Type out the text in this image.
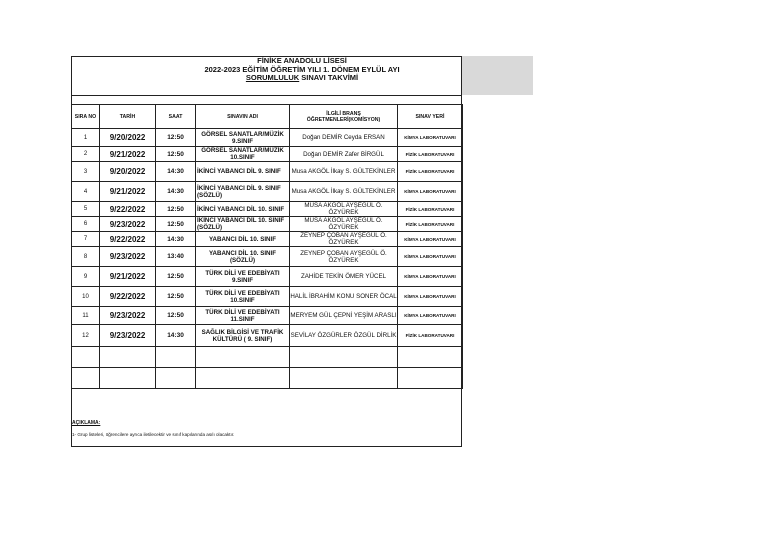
FİNİKE ANADOLU LİSESİ
2022-2023 EĞİTİM ÖĞRETİM YILI 1. DÖNEM EYLÜL AYI
SORUMLULUK SINAVI TAKVİMİ
SIRA NO	TARİH	SAAT	SINAVIN ADI	İLGİLİ BRANŞ ÖĞRETMENLERİ(KOMİSYON)	SINAV YERİ
1	9/20/2022	12:50	GÖRSEL SANATLAR/MÜZİK 9.SINIF	Doğan DEMİR Ceyda ERSAN	KİMYA LABORATUVARI
2	9/21/2022	12:50	GÖRSEL SANATLAR/MÜZİK 10.SINIF	Doğan DEMİR Zafer BİRGÜL	FİZİK LABORATUVARI
3	9/20/2022	14:30	İKİNCİ YABANCI DİL 9. SINIF	Musa AKGÖL İlkay S. GÜLTEKİNLER	FİZİK LABORATUVARI
4	9/21/2022	14:30	İKİNCİ YABANCI DİL 9. SINIF (SÖZLÜ)	Musa AKGÖL İlkay S. GÜLTEKİNLER	KİMYA LABORATUVARI
5	9/22/2022	12:50	İKİNCİ YABANCI DİL 10. SINIF	MUSA AKGÖL AYŞEGÜL Ö. ÖZYÜREK	FİZİK LABORATUVARI
6	9/23/2022	12:50	İKİNCİ YABANCI DİL 10. SINIF (SÖZLÜ)	MUSA AKGÖL AYŞEGÜL Ö. ÖZYÜREK	FİZİK LABORATUVARI
7	9/22/2022	14:30	YABANCI DİL 10. SINIF	ZEYNEP ÇOBAN AYŞEGÜL Ö. ÖZYÜREK	KİMYA LABORATUVARI
8	9/23/2022	13:40	YABANCI DİL 10. SINIF (SÖZLÜ)	ZEYNEP ÇOBAN AYŞEGÜL Ö. ÖZYÜREK	KİMYA LABORATUVARI
9	9/21/2022	12:50	TÜRK DİLİ VE EDEBİYATI 9.SINIF	ZAHİDE TEKİN ÖMER YÜCEL	KİMYA LABORATUVARI
10	9/22/2022	12:50	TÜRK DİLİ VE EDEBİYATI 10.SINIF	HALİL İBRAHİM KONU SONER ÖCAL	KİMYA LABORATUVARI
11	9/23/2022	12:50	TÜRK DİLİ VE EDEBİYATI 11.SINIF	MERYEM GÜL ÇEPNİ YEŞİM ARASLI	KİMYA LABORATUVARI
12	9/23/2022	14:30	SAĞLIK BİLGİSİ VE TRAFİK KÜLTÜRÜ ( 9. SINIF)	SEVİLAY ÖZGÜRLER ÖZGÜL DİRLİK	FİZİK LABORATUVARI

AÇIKLAMA:
1- Grup listeleri, öğrencilere ayrıca iletilecektir ve sınıf kapılarında asılı olacaktır.
